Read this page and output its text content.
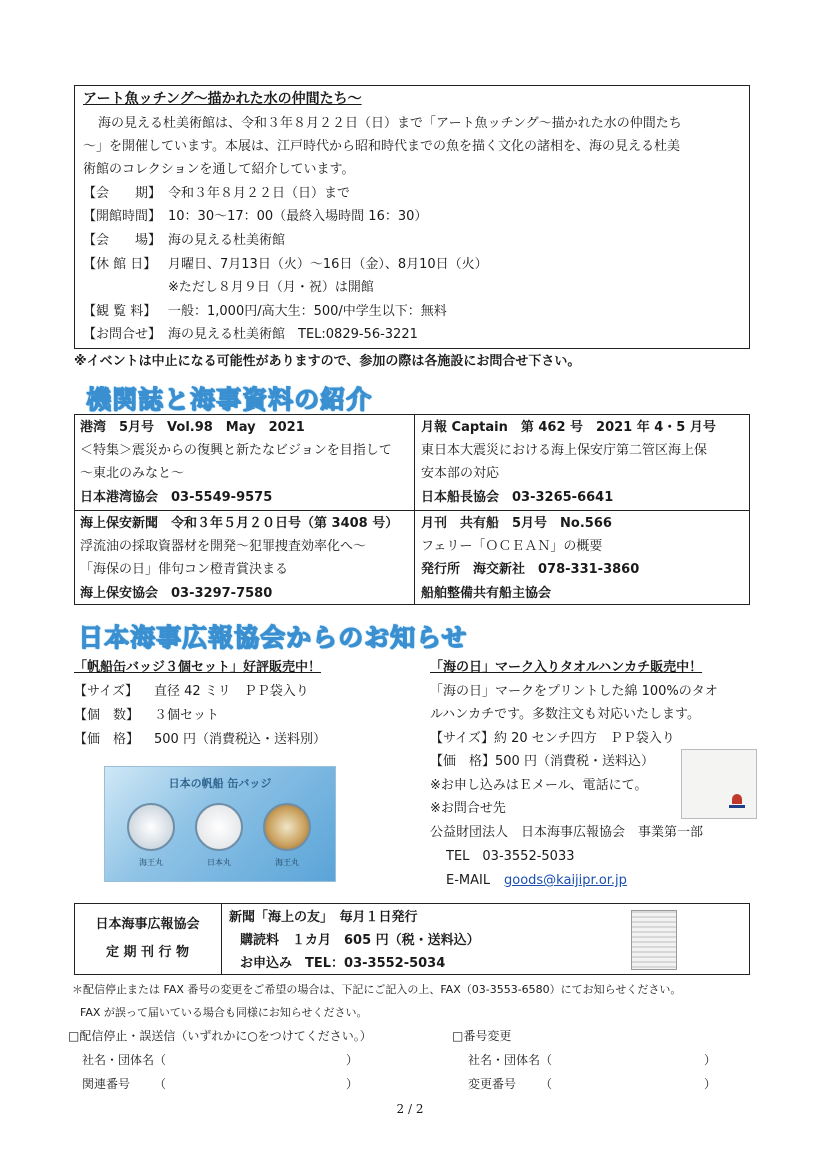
アート魚ッチング～描かれた水の仲間たち～
海の見える杜美術館は、令和３年８月２２日（日）まで「アート魚ッチング～描かれた水の仲間たち
～」を開催しています。本展は、江戸時代から昭和時代までの魚を描く文化の諸相を、海の見える杜美
術館のコレクションを通して紹介しています。
【会　　期】 令和３年８月２２日（日）まで
【開館時間】 10：30～17：00（最終入場時間 16：30）
【会　　場】 海の見える杜美術館
【休 館 日】 月曜日、7月13日（火）～16日（金）、8月10日（火）
※ただし８月９日（月・祝）は開館
【観 覧 料】 一般：1,000円/高大生：500/中学生以下：無料
【お問合せ】 海の見える杜美術館　TEL:0829-56-3221
※イベントは中止になる可能性がありますので、参加の際は各施設にお問合せ下さい。
機関誌と海事資料の紹介
港湾　5月号　Vol.98　May　2021
＜特集＞震災からの復興と新たなビジョンを目指して
～東北のみなと～
日本港湾協会　03-5549-9575
月報 Captain　第 462 号　2021 年 4・5 月号
東日本大震災における海上保安庁第二管区海上保
安本部の対応
日本船長協会　03-3265-6641
海上保安新聞　令和３年５月２０日号（第 3408 号）
浮流油の採取資器材を開発～犯罪捜査効率化へ～
「海保の日」俳句コン橙青賞決まる
海上保安協会　03-3297-7580
月刊　共有船　5月号　No.566
フェリー「ＯＣＥＡＮ」の概要
発行所　海交新社　078-331-3860
船舶整備共有船主協会
日本海事広報協会からのお知らせ
「帆船缶バッジ３個セット」好評販売中！
【サイズ】 直径 42 ミリ　ＰＰ袋入り
【個　数】 ３個セット
【価　格】 500 円（消費税込・送料別）
日本の帆船 缶バッジ
海王丸	日本丸	海王丸
「海の日」マーク入りタオルハンカチ販売中！
「海の日」マークをプリントした綿 100%のタオ
ルハンカチです。多数注文も対応いたします。
【サイズ】約 20 センチ四方　ＰＰ袋入り
【価　格】500 円（消費税・送料込）
※お申し込みはＥメール、電話にて。
※お問合せ先
公益財団法人　日本海事広報協会　事業第一部
TEL　03-3552-5033
E-MAIL goods@kaijipr.or.jp
日本海事広報協会
定 期 刊 行 物
新聞「海上の友」　毎月１日発行
購読料　１カ月　605 円（税・送料込）
お申込み　TEL：03-3552-5034
＊配信停止または FAX 番号の変更をご希望の場合は、下記にご記入の上、FAX（03-3553-6580）にてお知らせください。
FAX が誤って届いている場合も同様にお知らせください。
□配信停止・誤送信（いずれかに○をつけてください。）	□番号変更
社名・団体名 （	）
関連番号 （	）
社名・団体名 （	）
変更番号 （	）
2 / 2
